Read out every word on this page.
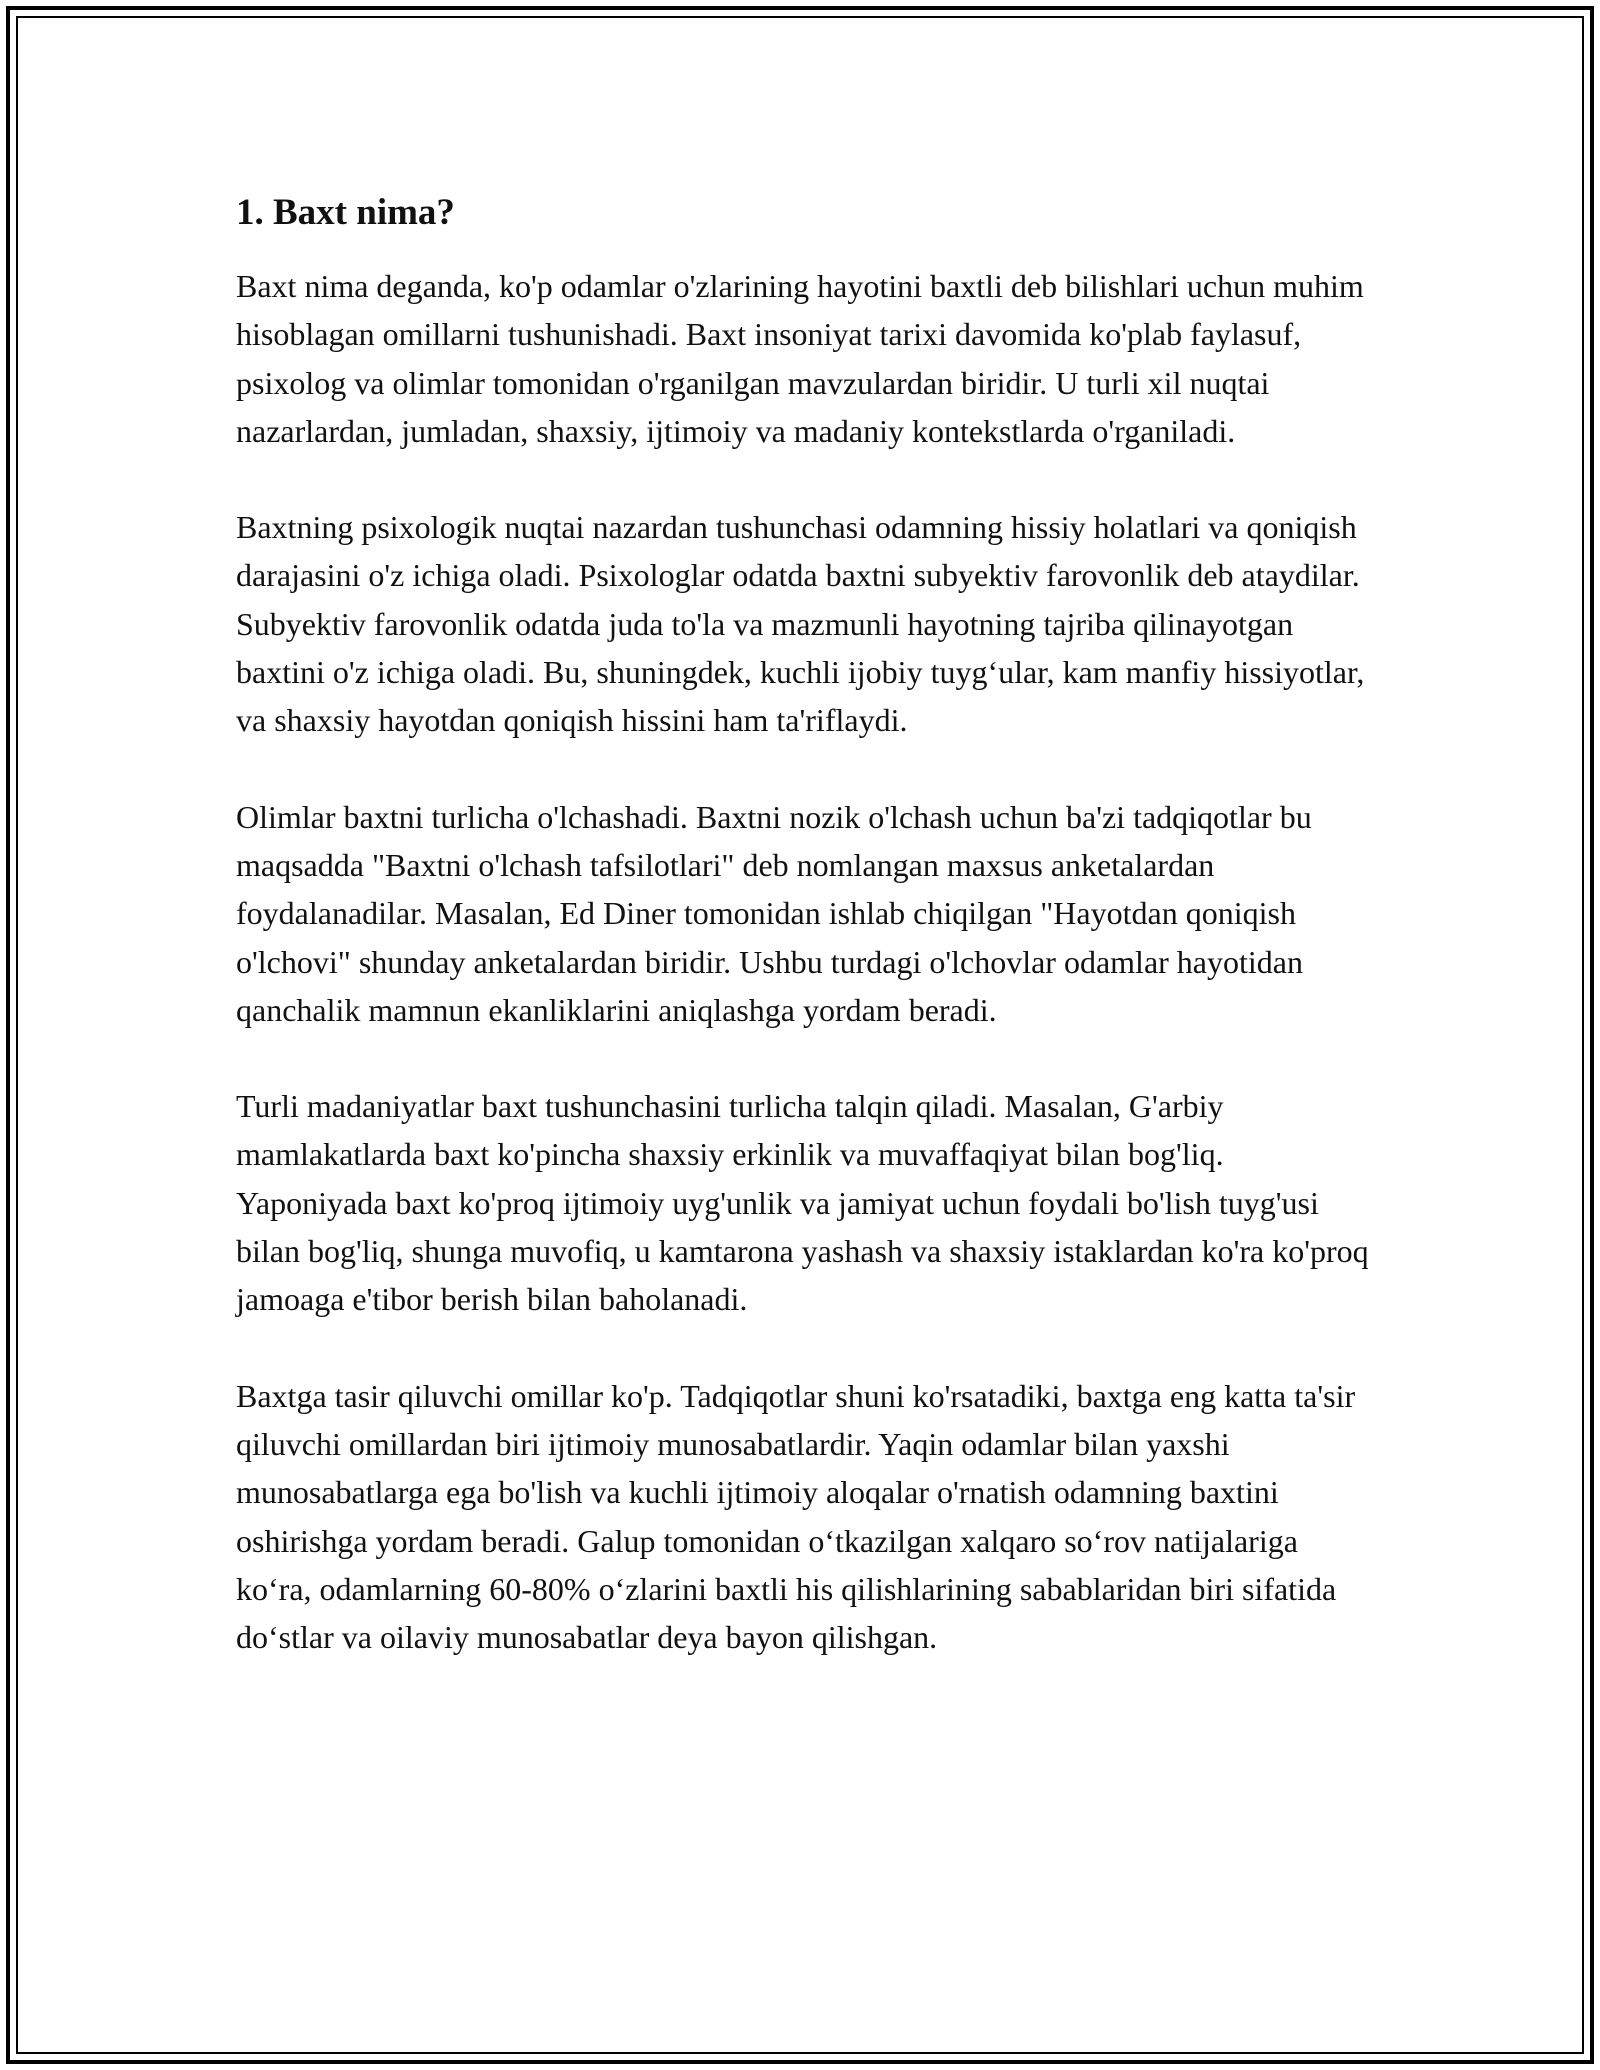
1. Baxt nima?

Baxt nima deganda, ko'p odamlar o'zlarining hayotini baxtli deb bilishlari uchun muhim hisoblagan omillarni tushunishadi. Baxt insoniyat tarixi davomida ko'plab faylasuf, psixolog va olimlar tomonidan o'rganilgan mavzulardan biridir. U turli xil nuqtai nazarlardan, jumladan, shaxsiy, ijtimoiy va madaniy kontekstlarda o'rganiladi.

Baxtning psixologik nuqtai nazardan tushunchasi odamning hissiy holatlari va qoniqish darajasini o'z ichiga oladi. Psixologlar odatda baxtni subyektiv farovonlik deb ataydilar. Subyektiv farovonlik odatda juda to'la va mazmunli hayotning tajriba qilinayotgan baxtini o'z ichiga oladi. Bu, shuningdek, kuchli ijobiy tuyg‘ular, kam manfiy hissiyotlar, va shaxsiy hayotdan qoniqish hissini ham ta'riflaydi.

Olimlar baxtni turlicha o'lchashadi. Baxtni nozik o'lchash uchun ba'zi tadqiqotlar bu maqsadda "Baxtni o'lchash tafsilotlari" deb nomlangan maxsus anketalardan foydalanadilar. Masalan, Ed Diner tomonidan ishlab chiqilgan "Hayotdan qoniqish o'lchovi" shunday anketalardan biridir. Ushbu turdagi o'lchovlar odamlar hayotidan qanchalik mamnun ekanliklarini aniqlashga yordam beradi.

Turli madaniyatlar baxt tushunchasini turlicha talqin qiladi. Masalan, G'arbiy mamlakatlarda baxt ko'pincha shaxsiy erkinlik va muvaffaqiyat bilan bog'liq. Yaponiyada baxt ko'proq ijtimoiy uyg'unlik va jamiyat uchun foydali bo'lish tuyg'usi bilan bog'liq, shunga muvofiq, u kamtarona yashash va shaxsiy istaklardan ko'ra ko'proq jamoaga e'tibor berish bilan baholanadi.

Baxtga tasir qiluvchi omillar ko'p. Tadqiqotlar shuni ko'rsatadiki, baxtga eng katta ta'sir qiluvchi omillardan biri ijtimoiy munosabatlardir. Yaqin odamlar bilan yaxshi munosabatlarga ega bo'lish va kuchli ijtimoiy aloqalar o'rnatish odamning baxtini oshirishga yordam beradi. Galup tomonidan o‘tkazilgan xalqaro so‘rov natijalariga ko‘ra, odamlarning 60-80% o‘zlarini baxtli his qilishlarining sabablaridan biri sifatida do‘stlar va oilaviy munosabatlar deya bayon qilishgan.
